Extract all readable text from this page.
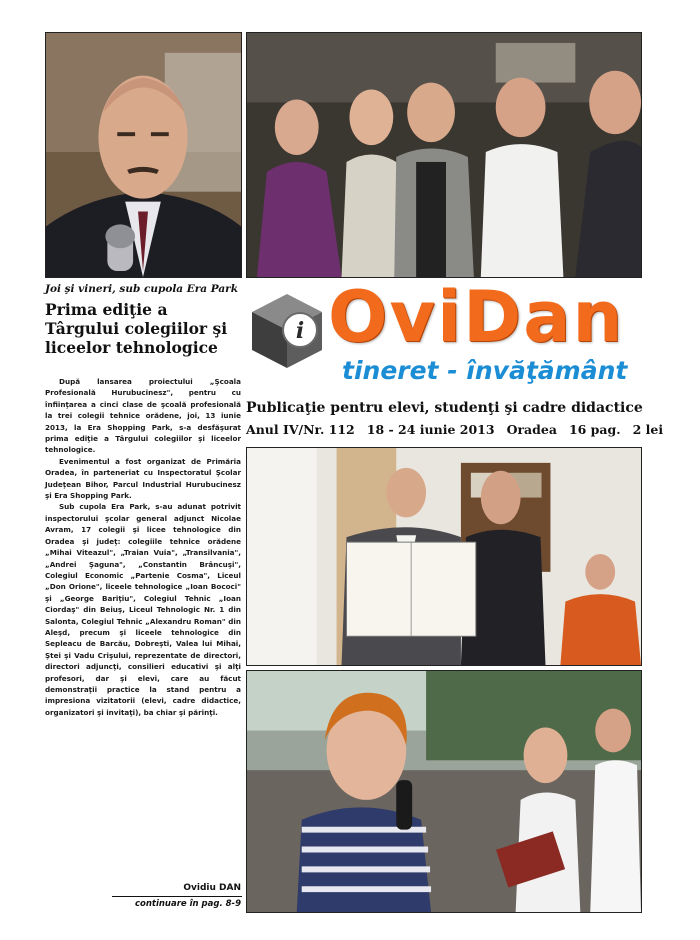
Joi şi vineri, sub cupola Era Park
Prima ediţie a Târgului colegiilor şi liceelor tehnologice

După lansarea proiectului „Şcoala Profesională Hurubucinesz", pentru cu înfiinţarea a cinci clase de şcoală profesională la trei colegii tehnice orădene, joi, 13 iunie 2013, la Era Shopping Park, s-a desfăşurat prima ediţie a Târgului colegiilor şi liceelor tehnologice.

Evenimentul a fost organizat de Primăria Oradea, în parteneriat cu Inspectoratul Şcolar Judeţean Bihor, Parcul Industrial Hurubucinesz şi Era Shopping Park.

Sub cupola Era Park, s-au adunat potrivit inspectorului şcolar general adjunct Nicolae Avram, 17 colegii şi licee tehnologice din Oradea şi judeţ: colegiile tehnice orădene „Mihai Viteazul", „Traian Vuia", „Transilvania", „Andrei Şaguna", „Constantin Brâncuşi", Colegiul Economic „Partenie Cosma", Liceul „Don Orione", liceele tehnologice „Ioan Bococi" şi „George Bariţiu", Colegiul Tehnic „Ioan Ciordaş" din Beiuş, Liceul Tehnologic Nr. 1 din Salonta, Colegiul Tehnic „Alexandru Roman" din Aleşd, precum şi liceele tehnologice din Sepleacu de Barcău, Dobreşti, Valea lui Mihai, Ştei şi Vadu Crişului, reprezentate de directori, directori adjuncţi, consilieri educativi şi alţi profesori, dar şi elevi, care au făcut demonstraţii practice la stand pentru a impresiona vizitatorii (elevi, cadre didactice, organizatori şi invitaţi), ba chiar şi părinţi.

Ovidiu DAN
continuare în pag. 8-9
i OviDan
tineret - învăţământ
Publicaţie pentru elevi, studenţi şi cadre didactice
Anul IV/Nr. 112 18 - 24 iunie 2013 Oradea 16 pag. 2 lei
